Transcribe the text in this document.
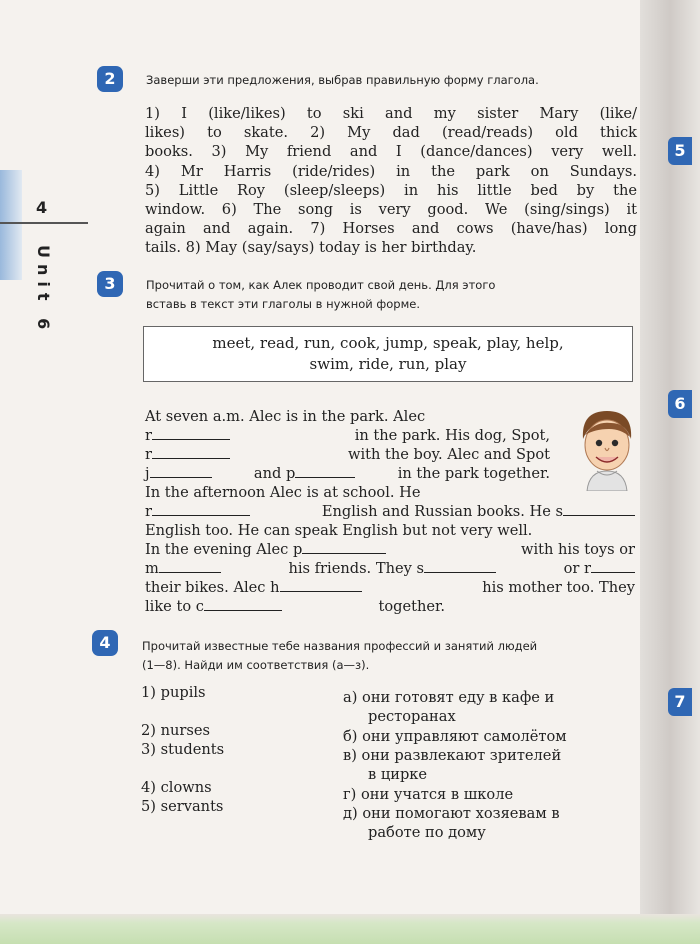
5
6
7
4
Unit 6
2	Заверши эти предложения, выбрав правильную форму глагола.
1) I (like/likes) to ski and my sister Mary (like/
likes) to skate. 2) My dad (read/reads) old thick
books. 3) My friend and I (dance/dances) very well.
4) Mr Harris (ride/rides) in the park on Sundays.
5) Little Roy (sleep/sleeps) in his little bed by the
window. 6) The song is very good. We (sing/sings) it
again and again. 7) Horses and cows (have/has) long
tails. 8) May (say/says) today is her birthday.
3	Прочитай о том, как Алек проводит свой день. Для этого
вставь в текст эти глаголы в нужной форме.
meet, read, run, cook, jump, speak, play, help,
swim, ride, run, play
At seven a.m. Alec is in the park. Alec
r	in the park. His dog, Spot,
r	with the boy. Alec and Spot
j	and p	in the park together.
In the afternoon Alec is at school. He
r	English and Russian books. He s
English too. He can speak English but not very well.
In the evening Alec p	with his toys or
m	his friends. They s	or r
their bikes. Alec h	his mother too. They
like to c	together.
4	Прочитай известные тебе названия профессий и занятий людей
(1—8). Найди им соответствия (а—з).
1) pupils
2) nurses
3) students
4) clowns
5) servants
а) они готовят еду в кафе и
ресторанах
б) они управляют самолётом
в) они развлекают зрителей
в цирке
г) они учатся в школе
д) они помогают хозяевам в
работе по дому
